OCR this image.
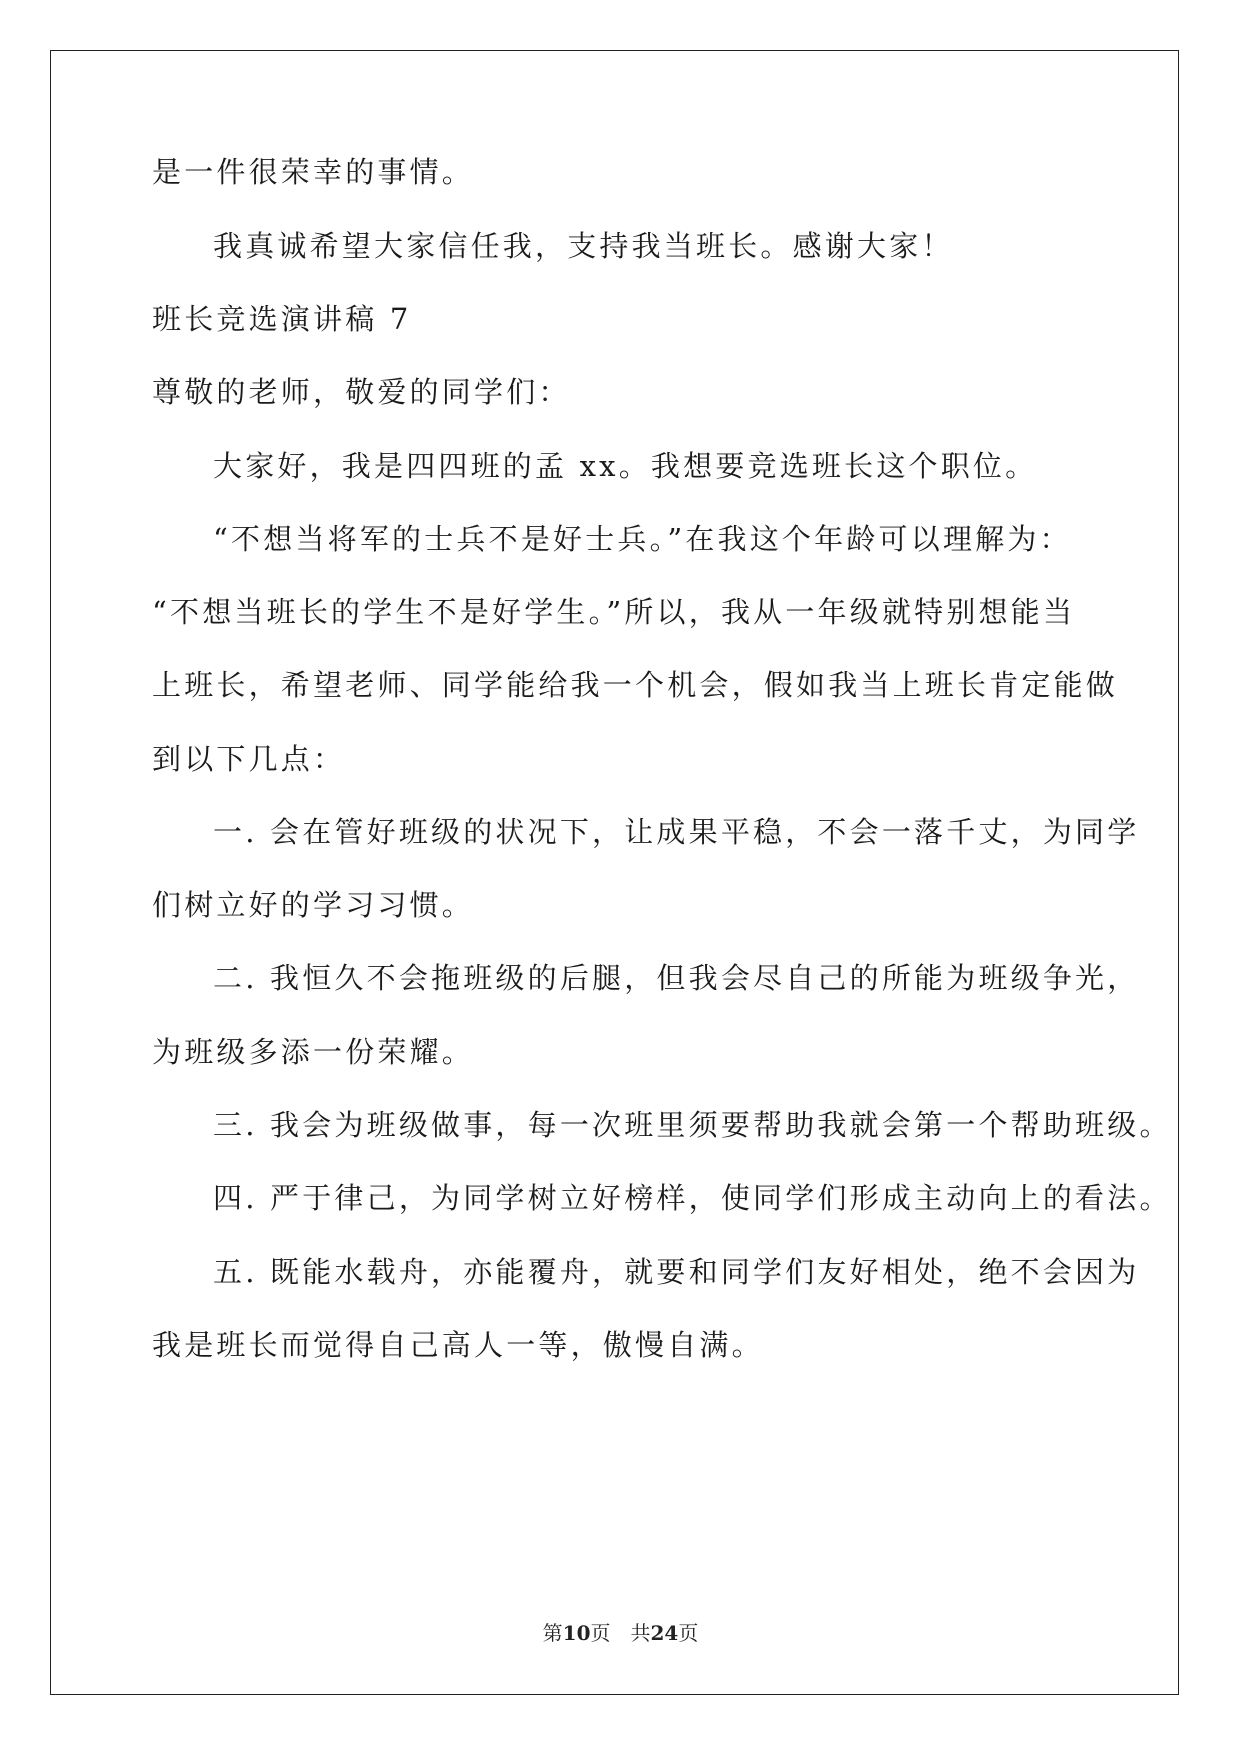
是一件很荣幸的事情。
我真诚希望大家信任我，支持我当班长。感谢大家！
班长竞选演讲稿 7
尊敬的老师，敬爱的同学们：
大家好，我是四四班的孟 xx。我想要竞选班长这个职位。
“不想当将军的士兵不是好士兵。”在我这个年龄可以理解为：
“不想当班长的学生不是好学生。”所以，我从一年级就特别想能当
上班长，希望老师、同学能给我一个机会，假如我当上班长肯定能做
到以下几点：
一. 会在管好班级的状况下，让成果平稳，不会一落千丈，为同学
们树立好的学习习惯。
二. 我恒久不会拖班级的后腿，但我会尽自己的所能为班级争光，
为班级多添一份荣耀。
三. 我会为班级做事，每一次班里须要帮助我就会第一个帮助班级。
四. 严于律己，为同学树立好榜样，使同学们形成主动向上的看法。
五. 既能水载舟，亦能覆舟，就要和同学们友好相处，绝不会因为
我是班长而觉得自己高人一等，傲慢自满。
第10页　共24页
